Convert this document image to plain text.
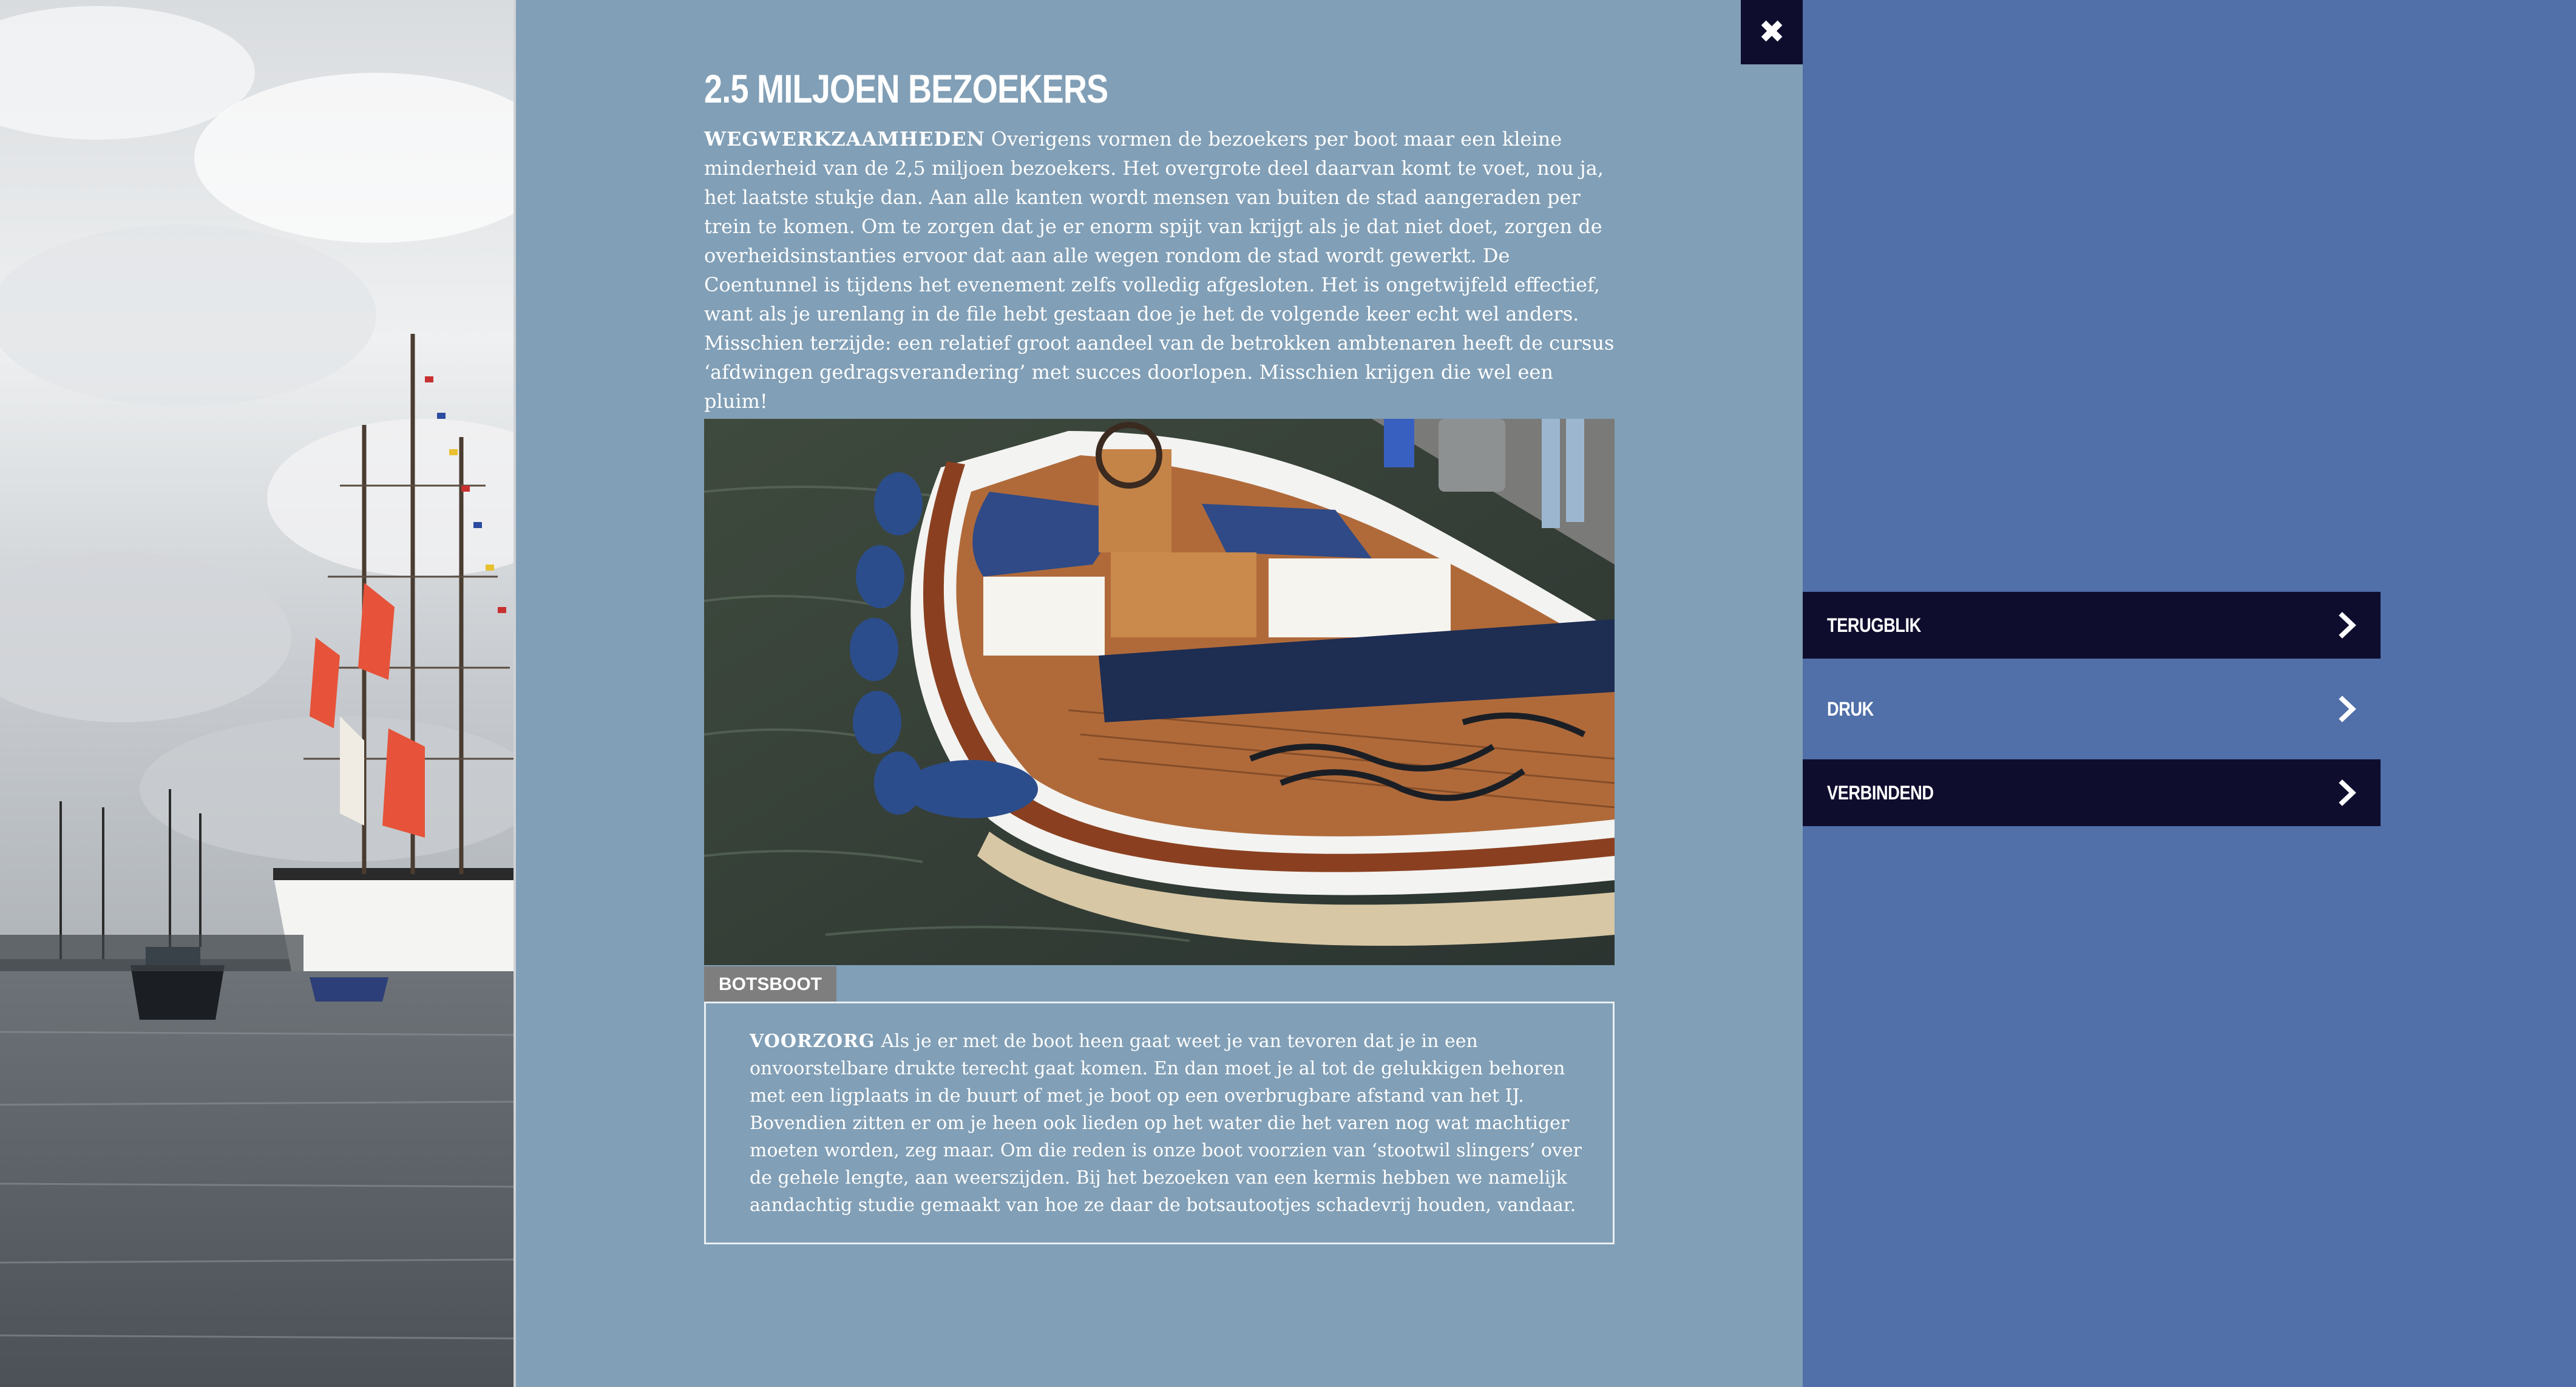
✖
2.5 MILJOEN BEZOEKERS

WEGWERKZAAMHEDEN Overigens vormen de bezoekers per boot maar een kleine minderheid van de 2,5 miljoen bezoekers. Het overgrote deel daarvan komt te voet, nou ja, het laatste stukje dan. Aan alle kanten wordt mensen van buiten de stad aangeraden per trein te komen. Om te zorgen dat je er enorm spijt van krijgt als je dat niet doet, zorgen de overheidsinstanties ervoor dat aan alle wegen rondom de stad wordt gewerkt. De Coentunnel is tijdens het evenement zelfs volledig afgesloten. Het is ongetwijfeld effectief, want als je urenlang in de file hebt gestaan doe je het de volgende keer echt wel anders. Misschien terzijde: een relatief groot aandeel van de betrokken ambtenaren heeft de cursus ‘afdwingen gedragsverandering’ met succes doorlopen. Misschien krijgen die wel een pluim!

BOTSBOOT
VOORZORG Als je er met de boot heen gaat weet je van tevoren dat je in een onvoorstelbare drukte terecht gaat komen. En dan moet je al tot de gelukkigen behoren met een ligplaats in de buurt of met je boot op een overbrugbare afstand van het IJ. Bovendien zitten er om je heen ook lieden op het water die het varen nog wat machtiger moeten worden, zeg maar. Om die reden is onze boot voorzien van ‘stootwil slingers’ over de gehele lengte, aan weerszijden. Bij het bezoeken van een kermis hebben we namelijk aandachtig studie gemaakt van hoe ze daar de botsautootjes schadevrij houden, vandaar.
TERUGBLIK
DRUK
VERBINDEND
